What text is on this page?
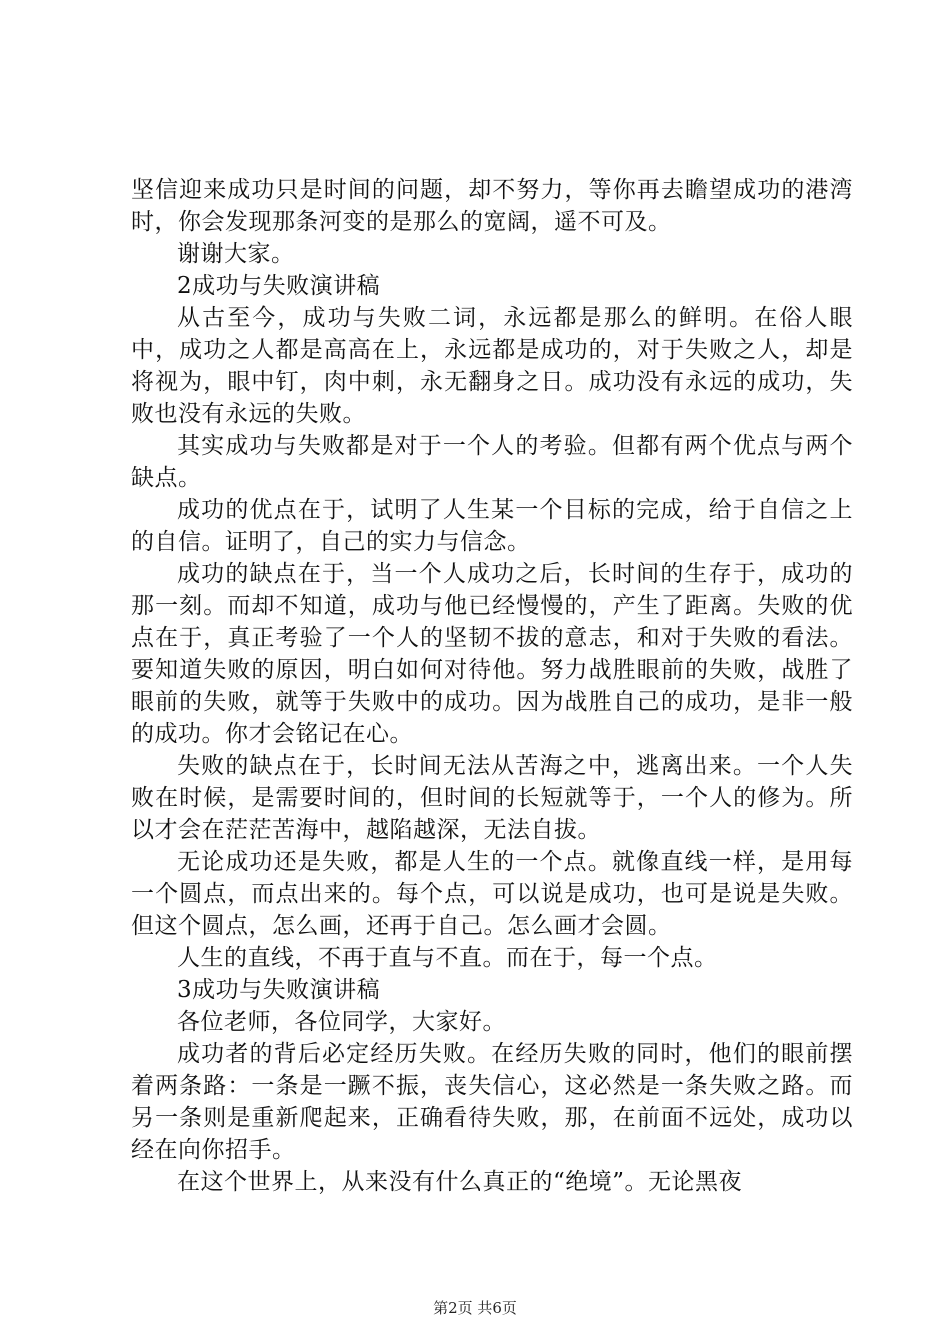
坚信迎来成功只是时间的问题，却不努力，等你再去瞻望成功的港湾时，你会发现那条河变的是那么的宽阔，遥不可及。

谢谢大家。

2成功与失败演讲稿

从古至今，成功与失败二词，永远都是那么的鲜明。在俗人眼中，成功之人都是高高在上，永远都是成功的，对于失败之人，却是将视为，眼中钉，肉中刺，永无翻身之日。成功没有永远的成功，失败也没有永远的失败。

其实成功与失败都是对于一个人的考验。但都有两个优点与两个缺点。

成功的优点在于，试明了人生某一个目标的完成，给于自信之上的自信。证明了，自己的实力与信念。

成功的缺点在于，当一个人成功之后，长时间的生存于，成功的那一刻。而却不知道，成功与他已经慢慢的，产生了距离。失败的优点在于，真正考验了一个人的坚韧不拔的意志，和对于失败的看法。要知道失败的原因，明白如何对待他。努力战胜眼前的失败，战胜了眼前的失败，就等于失败中的成功。因为战胜自己的成功，是非一般的成功。你才会铭记在心。

失败的缺点在于，长时间无法从苦海之中，逃离出来。一个人失败在时候，是需要时间的，但时间的长短就等于，一个人的修为。所以才会在茫茫苦海中，越陷越深，无法自拔。

无论成功还是失败，都是人生的一个点。就像直线一样，是用每一个圆点，而点出来的。每个点，可以说是成功，也可是说是失败。但这个圆点，怎么画，还再于自己。怎么画才会圆。

人生的直线，不再于直与不直。而在于，每一个点。

3成功与失败演讲稿

各位老师，各位同学，大家好。

成功者的背后必定经历失败。在经历失败的同时，他们的眼前摆着两条路：一条是一蹶不振，丧失信心，这必然是一条失败之路。而另一条则是重新爬起来，正确看待失败，那，在前面不远处，成功以经在向你招手。

在这个世界上，从来没有什么真正的“绝境”。无论黑夜

第2页 共6页
